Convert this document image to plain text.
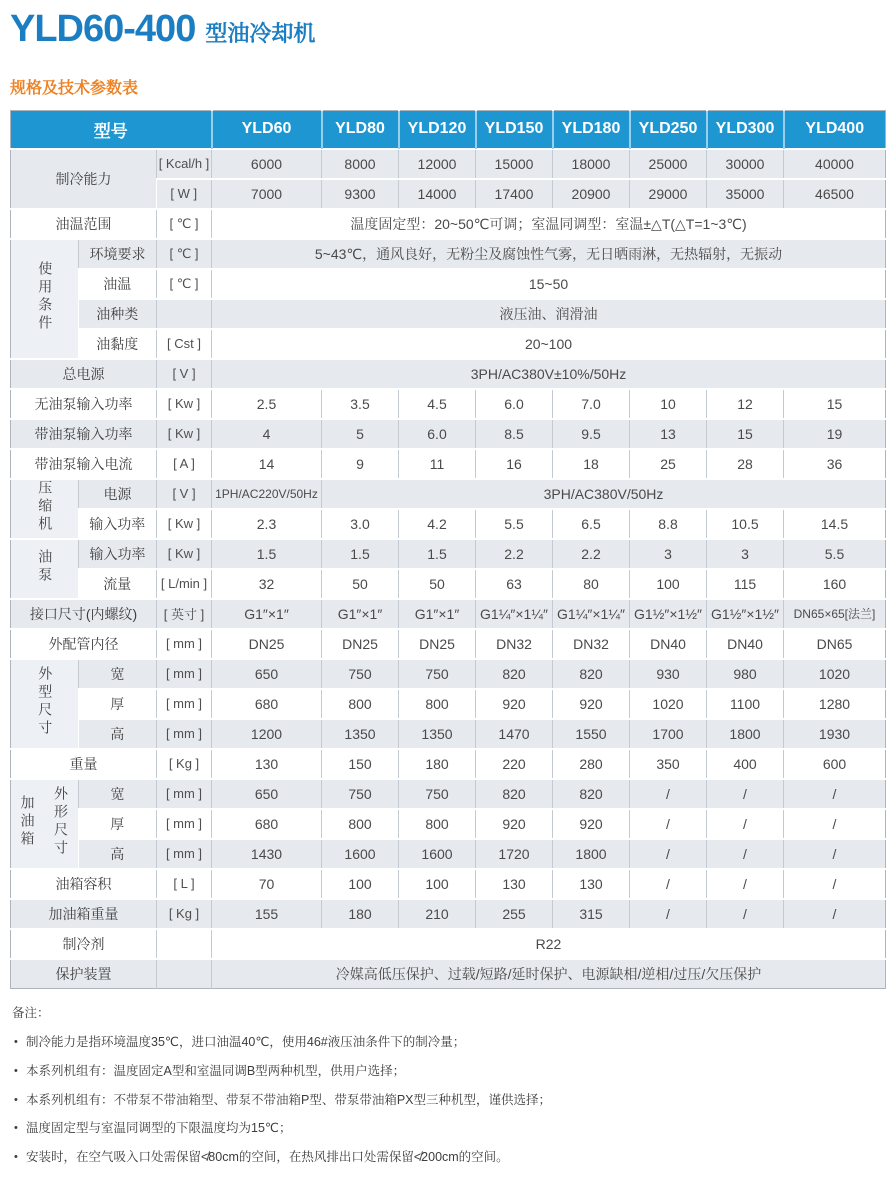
YLD60-400 型油冷却机
规格及技术参数表
型号				YLD60	YLD80	YLD120	YLD150	YLD180	YLD250	YLD300	YLD400
制冷能力			[ Kcal/h ]	6000	8000	12000	15000	18000	25000	30000	40000
			[ W ]	7000	9300	14000	17400	20900	29000	35000	46500
油温范围			[ ℃ ]	温度固定型：20~50℃可调；室温同调型：室温±△T(△T=1~3℃)							
使用条件		环境要求	[ ℃ ]	5~43℃，通风良好，无粉尘及腐蚀性气雾，无日晒雨淋，无热辐射，无振动							
		油温	[ ℃ ]	15~50							
		油种类		液压油、润滑油							
		油黏度	[ Cst ]	20~100							
总电源			[ V ]	3PH/AC380V±10%/50Hz							
无油泵输入功率			[ Kw ]	2.5	3.5	4.5	6.0	7.0	10	12	15
带油泵输入功率			[ Kw ]	4	5	6.0	8.5	9.5	13	15	19
带油泵输入电流			[ A ]	14	9	11	16	18	25	28	36
压缩机		电源	[ V ]	1PH/AC220V/50Hz	3PH/AC380V/50Hz						
		输入功率	[ Kw ]	2.3	3.0	4.2	5.5	6.5	8.8	10.5	14.5
油泵		输入功率	[ Kw ]	1.5	1.5	1.5	2.2	2.2	3	3	5.5
		流量	[ L/min ]	32	50	50	63	80	100	115	160
接口尺寸(内螺纹)			[ 英寸 ]	G1″×1″	G1″×1″	G1″×1″	G1¼″×1¼″	G1¼″×1¼″	G1½″×1½″	G1½″×1½″	DN65×65[法兰]
外配管内径			[ mm ]	DN25	DN25	DN25	DN32	DN32	DN40	DN40	DN65
外型尺寸		宽	[ mm ]	650	750	750	820	820	930	980	1020
		厚	[ mm ]	680	800	800	920	920	1020	1100	1280
		高	[ mm ]	1200	1350	1350	1470	1550	1700	1800	1930
重量			[ Kg ]	130	150	180	220	280	350	400	600
加油箱	外形尺寸	宽	[ mm ]	650	750	750	820	820	/	/	/
		厚	[ mm ]	680	800	800	920	920	/	/	/
		高	[ mm ]	1430	1600	1600	1720	1800	/	/	/
油箱容积			[ L ]	70	100	100	130	130	/	/	/
加油箱重量			[ Kg ]	155	180	210	255	315	/	/	/
制冷剂				R22							
保护装置				冷媒高低压保护、过载/短路/延时保护、电源缺相/逆相/过压/欠压保护							
备注：
• 制冷能力是指环境温度35℃，进口油温40℃，使用46#液压油条件下的制冷量；
• 本系列机组有：温度固定A型和室温同调B型两种机型，供用户选择；
• 本系列机组有：不带泵不带油箱型、带泵不带油箱P型、带泵带油箱PX型三种机型，谨供选择；
• 温度固定型与室温同调型的下限温度均为15℃；
• 安装时，在空气吸入口处需保留≮80cm的空间，在热风排出口处需保留≮200cm的空间。
